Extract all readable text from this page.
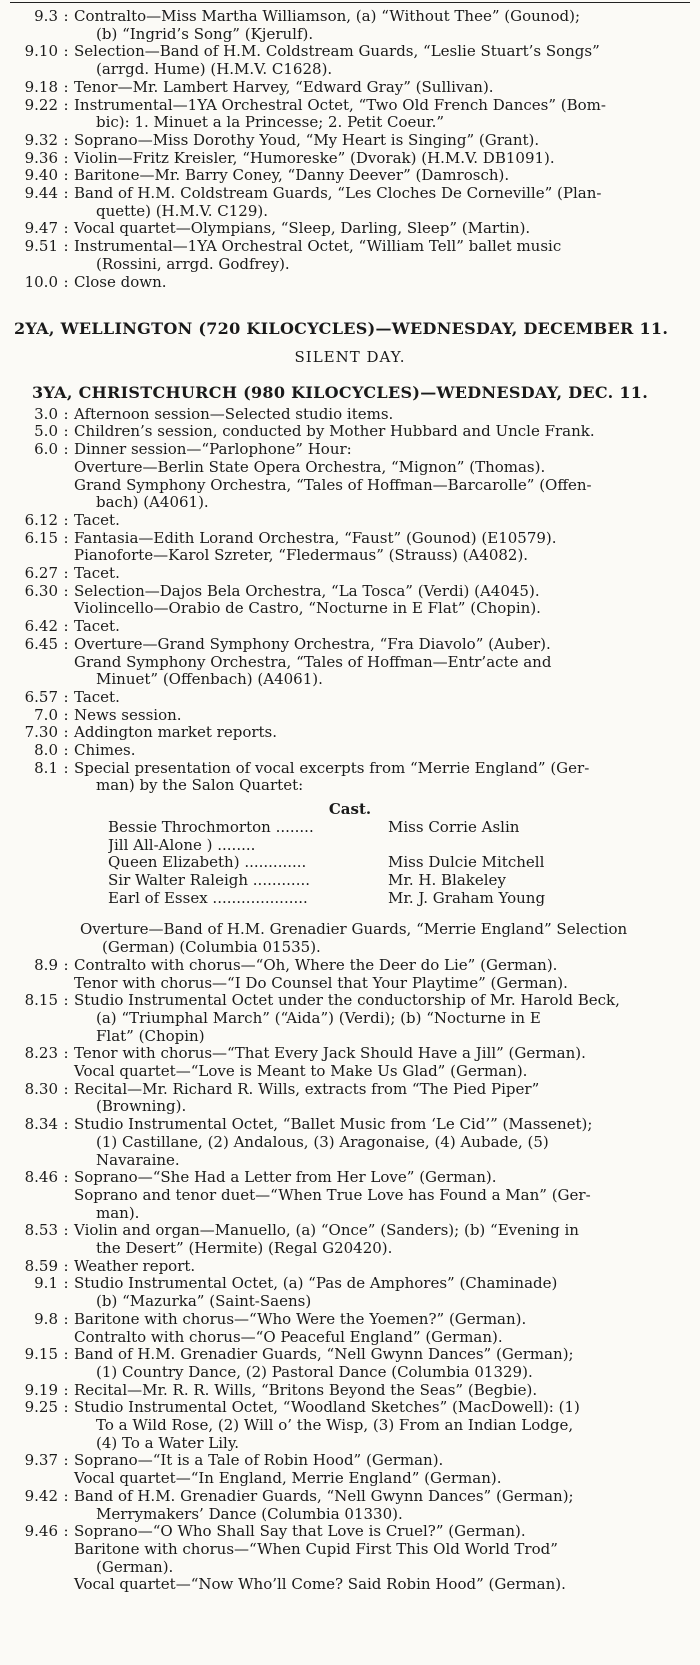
9.3 : Contralto—Miss Martha Williamson, (a) “Without Thee” (Gounod);
(b) “Ingrid’s Song” (Kjerulf).
9.10 : Selection—Band of H.M. Coldstream Guards, “Leslie Stuart’s Songs”
(arrgd. Hume) (H.M.V. C1628).
9.18 : Tenor—Mr. Lambert Harvey, “Edward Gray” (Sullivan).
9.22 : Instrumental—1YA Orchestral Octet, “Two Old French Dances” (Bom-
bic): 1. Minuet a la Princesse; 2. Petit Coeur.”
9.32 : Soprano—Miss Dorothy Youd, “My Heart is Singing” (Grant).
9.36 : Violin—Fritz Kreisler, “Humoreske” (Dvorak) (H.M.V. DB1091).
9.40 : Baritone—Mr. Barry Coney, “Danny Deever” (Damrosch).
9.44 : Band of H.M. Coldstream Guards, “Les Cloches De Corneville” (Plan-
quette) (H.M.V. C129).
9.47 : Vocal quartet—Olympians, “Sleep, Darling, Sleep” (Martin).
9.51 : Instrumental—1YA Orchestral Octet, “William Tell” ballet music
(Rossini, arrgd. Godfrey).
10.0 : Close down.
2YA, WELLINGTON (720 KILOCYCLES)—WEDNESDAY, DECEMBER 11.
SILENT DAY.
3YA, CHRISTCHURCH (980 KILOCYCLES)—WEDNESDAY, DEC. 11.
3.0 : Afternoon session—Selected studio items.
5.0 : Children’s session, conducted by Mother Hubbard and Uncle Frank.
6.0 : Dinner session—“Parlophone” Hour:
Overture—Berlin State Opera Orchestra, “Mignon” (Thomas).
Grand Symphony Orchestra, “Tales of Hoffman—Barcarolle” (Offen-
bach) (A4061).
6.12 : Tacet.
6.15 : Fantasia—Edith Lorand Orchestra, “Faust” (Gounod) (E10579).
Pianoforte—Karol Szreter, “Fledermaus” (Strauss) (A4082).
6.27 : Tacet.
6.30 : Selection—Dajos Bela Orchestra, “La Tosca” (Verdi) (A4045).
Violincello—Orabio de Castro, “Nocturne in E Flat” (Chopin).
6.42 : Tacet.
6.45 : Overture—Grand Symphony Orchestra, “Fra Diavolo” (Auber).
Grand Symphony Orchestra, “Tales of Hoffman—Entr’acte and
Minuet” (Offenbach) (A4061).
6.57 : Tacet.
7.0 : News session.
7.30 : Addington market reports.
8.0 : Chimes.
8.1 : Special presentation of vocal excerpts from “Merrie England” (Ger-
man) by the Salon Quartet:
Cast.
Bessie Throchmorton ........	Miss Corrie Aslin
Jill All-Alone ) ........
Queen Elizabeth) .............	Miss Dulcie Mitchell
Sir Walter Raleigh ............	Mr. H. Blakeley
Earl of Essex ....................	Mr. J. Graham Young
Overture—Band of H.M. Grenadier Guards, “Merrie England” Selection
(German) (Columbia 01535).
8.9 : Contralto with chorus—“Oh, Where the Deer do Lie” (German).
Tenor with chorus—“I Do Counsel that Your Playtime” (German).
8.15 : Studio Instrumental Octet under the conductorship of Mr. Harold Beck,
(a) “Triumphal March” (“Aida”) (Verdi); (b) “Nocturne in E
Flat” (Chopin)
8.23 : Tenor with chorus—“That Every Jack Should Have a Jill” (German).
Vocal quartet—“Love is Meant to Make Us Glad” (German).
8.30 : Recital—Mr. Richard R. Wills, extracts from “The Pied Piper”
(Browning).
8.34 : Studio Instrumental Octet, “Ballet Music from ‘Le Cid’” (Massenet);
(1) Castillane, (2) Andalous, (3) Aragonaise, (4) Aubade, (5)
Navaraine.
8.46 : Soprano—“She Had a Letter from Her Love” (German).
Soprano and tenor duet—“When True Love has Found a Man” (Ger-
man).
8.53 : Violin and organ—Manuello, (a) “Once” (Sanders); (b) “Evening in
the Desert” (Hermite) (Regal G20420).
8.59 : Weather report.
9.1 : Studio Instrumental Octet, (a) “Pas de Amphores” (Chaminade)
(b) “Mazurka” (Saint-Saens)
9.8 : Baritone with chorus—“Who Were the Yoemen?” (German).
Contralto with chorus—“O Peaceful England” (German).
9.15 : Band of H.M. Grenadier Guards, “Nell Gwynn Dances” (German);
(1) Country Dance, (2) Pastoral Dance (Columbia 01329).
9.19 : Recital—Mr. R. R. Wills, “Britons Beyond the Seas” (Begbie).
9.25 : Studio Instrumental Octet, “Woodland Sketches” (MacDowell): (1)
To a Wild Rose, (2) Will o’ the Wisp, (3) From an Indian Lodge,
(4) To a Water Lily.
9.37 : Soprano—“It is a Tale of Robin Hood” (German).
Vocal quartet—“In England, Merrie England” (German).
9.42 : Band of H.M. Grenadier Guards, “Nell Gwynn Dances” (German);
Merrymakers’ Dance (Columbia 01330).
9.46 : Soprano—“O Who Shall Say that Love is Cruel?” (German).
Baritone with chorus—“When Cupid First This Old World Trod”
(German).
Vocal quartet—“Now Who’ll Come? Said Robin Hood” (German).
